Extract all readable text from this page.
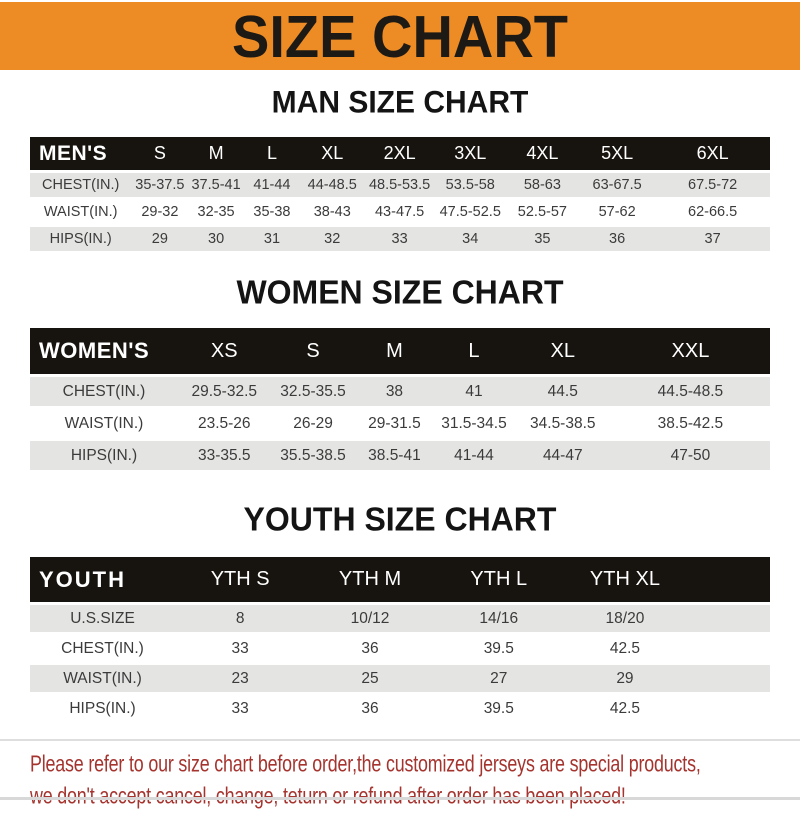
SIZE CHART
MAN SIZE CHART
MEN'S	S	M	L	XL	2XL	3XL	4XL	5XL	6XL
CHEST(IN.)	35-37.5	37.5-41	41-44	44-48.5	48.5-53.5	53.5-58	58-63	63-67.5	67.5-72
WAIST(IN.)	29-32	32-35	35-38	38-43	43-47.5	47.5-52.5	52.5-57	57-62	62-66.5
HIPS(IN.)	29	30	31	32	33	34	35	36	37
WOMEN SIZE CHART
WOMEN'S	XS	S	M	L	XL	XXL
CHEST(IN.)	29.5-32.5	32.5-35.5	38	41	44.5	44.5-48.5
WAIST(IN.)	23.5-26	26-29	29-31.5	31.5-34.5	34.5-38.5	38.5-42.5
HIPS(IN.)	33-35.5	35.5-38.5	38.5-41	41-44	44-47	47-50
YOUTH SIZE CHART
YOUTH	YTH S	YTH M	YTH L	YTH XL	
U.S.SIZE	8	10/12	14/16	18/20	
CHEST(IN.)	33	36	39.5	42.5	
WAIST(IN.)	23	25	27	29	
HIPS(IN.)	33	36	39.5	42.5	

Please refer to our size chart before order,the customized jerseys are special products,
